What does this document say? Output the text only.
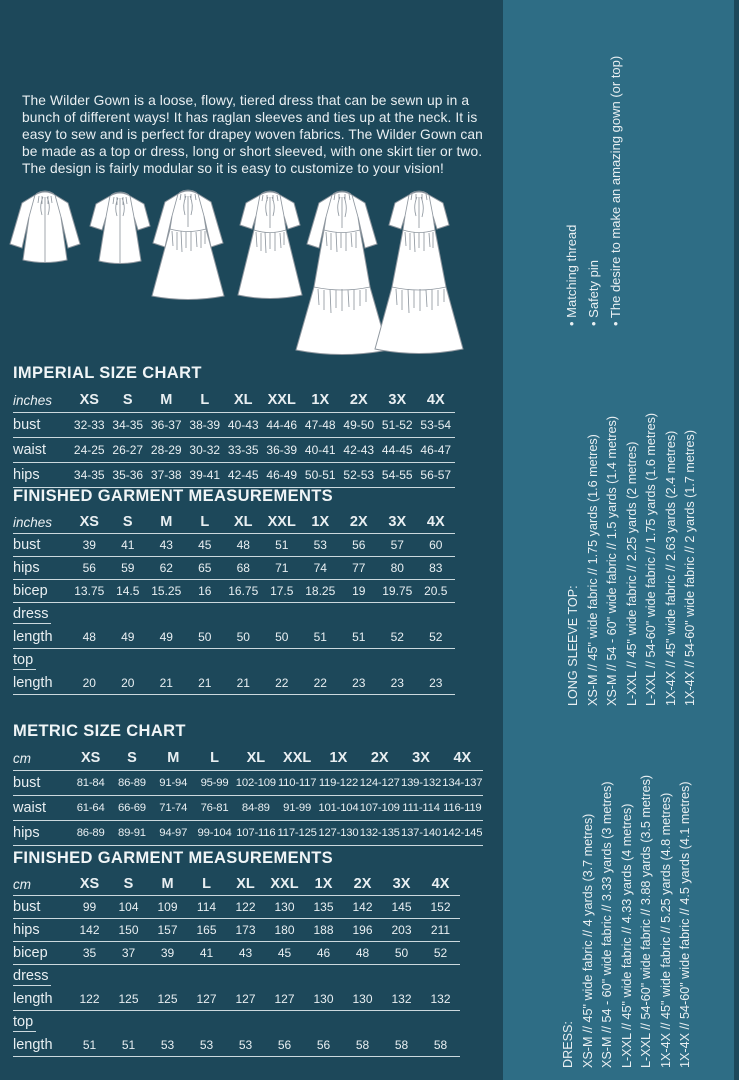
The Wilder Gown is a loose, flowy, tiered dress that can be sewn up in a bunch of different ways! It has raglan sleeves and ties up at the neck. It is easy to sew and is perfect for drapey woven fabrics. The Wilder Gown can be made as a top or dress, long or short sleeved, with one skirt tier or two. The design is fairly modular so it is easy to customize to your vision!

IMPERIAL SIZE CHART
inches	XS	S	M	L	XL	XXL	1X	2X	3X	4X
bust	32-33 34-35 36-37 38-39 40-43 44-46 47-48 49-50 51-52 53-54
waist	24-25 26-27 28-29 30-32 33-35 36-39 40-41 42-43 44-45 46-47
hips	34-35 35-36 37-38 39-41 42-45 46-49 50-51 52-53 54-55 56-57
FINISHED GARMENT MEASUREMENTS
inches	XS	S	M	L	XL	XXL	1X	2X	3X	4X
bust	39	41	43	45	48	51	53	56	57	60
hips	56	59	62	65	68	71	74	77	80	83
bicep	13.75 14.5 15.25	16	16.75 17.5 18.25	19	19.75 20.5
dress
length	48	49	49	50	50	50	51	51	52	52
top
length	20	20	21	21	21	22	22	23	23	23
METRIC SIZE CHART
cm	XS	S	M	L	XL	XXL	1X	2X	3X	4X
bust	81-84	86-89	91-94	95-99 102-109 110-117 119-122 124-127 139-132 134-137
waist	61-64	66-69	71-74	76-81	84-89	91-99 101-104 107-109 111-114 116-119
hips	86-89	89-91	94-97 99-104 107-116 117-125 127-130 132-135 137-140 142-145
FINISHED GARMENT MEASUREMENTS
cm	XS	S	M	L	XL	XXL	1X	2X	3X	4X
bust	99	104	109	114	122	130	135	142	145	152
hips	142	150	157	165	173	180	188	196	203	211
bicep	35	37	39	41	43	45	46	48	50	52
dress
length	122	125	125	127	127	127	130	130	132	132
top
length	51	51	53	53	53	56	56	58	58	58
• Matching thread • Safety pin • The desire to make an amazing gown (or top)
LONG SLEEVE TOP: XS-M // 45" wide fabric // 1.75 yards (1.6 metres) XS-M // 54 - 60" wide fabric // 1.5 yards (1.4 metres) L-XXL // 45" wide fabric // 2.25 yards (2 metres) L-XXL // 54-60" wide fabric // 1.75 yards (1.6 metres) 1X-4X // 45" wide fabric // 2.63 yards (2.4 metres) 1X-4X // 54-60" wide fabric // 2 yards (1.7 metres)
DRESS: XS-M // 45" wide fabric // 4 yards (3.7 metres) XS-M // 54 - 60" wide fabric // 3.33 yards (3 metres) L-XXL // 45" wide fabric // 4.33 yards (4 metres) L-XXL // 54-60" wide fabric // 3.88 yards (3.5 metres) 1X-4X // 45" wide fabric // 5.25 yards (4.8 metres) 1X-4X // 54-60" wide fabric // 4.5 yards (4.1 metres)
